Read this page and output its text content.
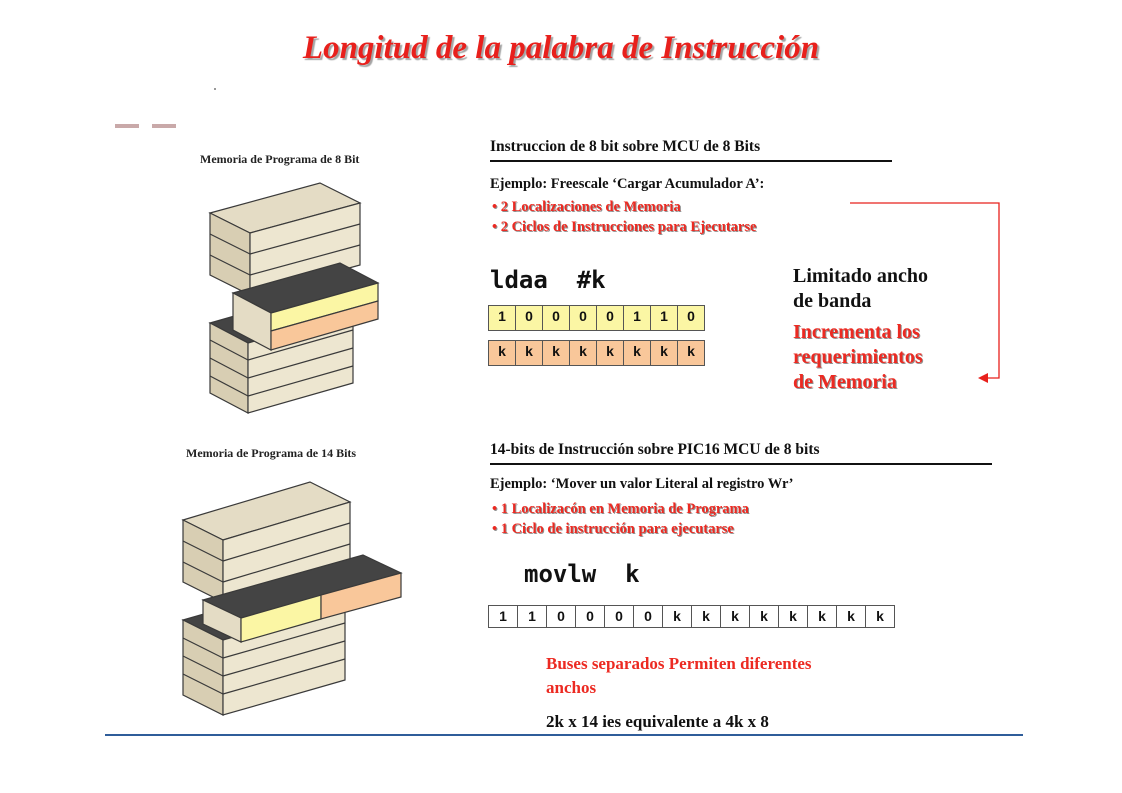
Longitud de la palabra de Instrucción
Memoria de Programa de 8 Bit
Instruccion de 8 bit sobre MCU de 8 Bits
Ejemplo: Freescale ‘Cargar Acumulador A’:
• 2 Localizaciones de Memoria
• 2 Ciclos de Instrucciones para Ejecutarse
ldaa  #k
1	0	0	0	0	1	1	0
k	k	k	k	k	k	k	k
Limitado ancho
de banda
Incrementa los
requerimientos
de Memoria
Memoria de Programa de 14 Bits	14-bits de Instrucción sobre PIC16 MCU de 8 bits
Ejemplo: ‘Mover un valor Literal al registro Wr’
• 1 Localizacón en Memoria de Programa
• 1 Ciclo de instrucción para ejecutarse
movlw  k
1	1	0	0	0	0	k	k	k	k	k	k	k	k
Buses separados Permiten diferentes
anchos
2k x 14 ies equivalente a 4k x 8
